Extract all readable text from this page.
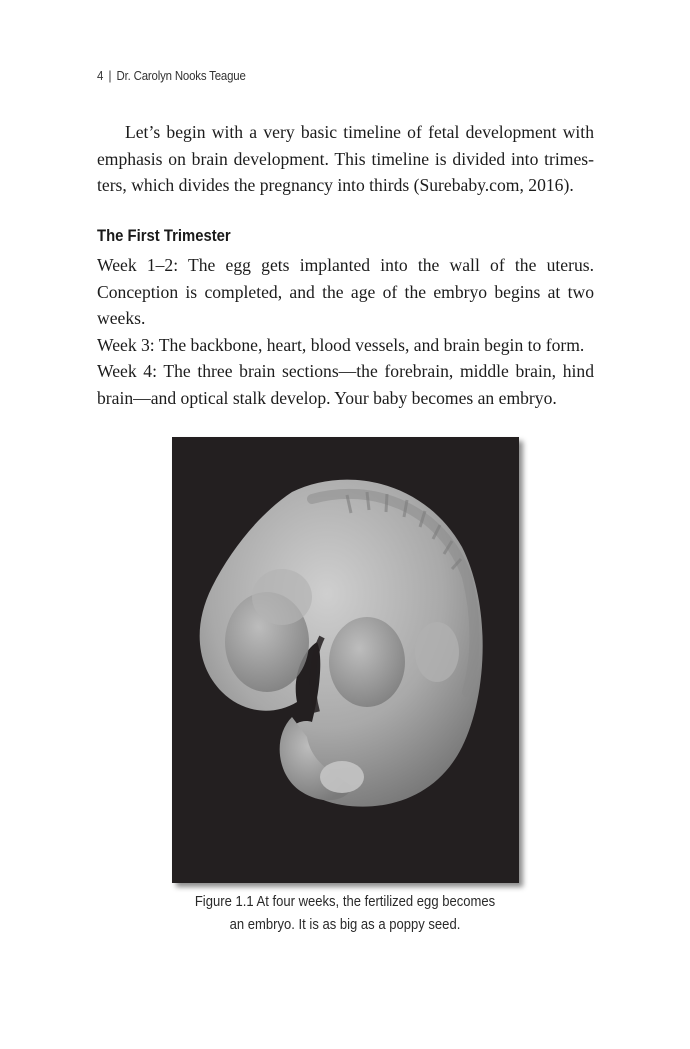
4 | Dr. Carolyn Nooks Teague

Let’s begin with a very basic timeline of fetal development with emphasis on brain development. This timeline is divided into trimesters, which divides the pregnancy into thirds (Surebaby.com, 2016).

The First Trimester

Week 1–2: The egg gets implanted into the wall of the uterus. Conception is completed, and the age of the embryo begins at two weeks.

Week 3: The backbone, heart, blood vessels, and brain begin to form.

Week 4: The three brain sections—the forebrain, middle brain, hind brain—and optical stalk develop. Your baby becomes an embryo.

Figure 1.1 At four weeks, the fertilized egg becomes
an embryo. It is as big as a poppy seed.
